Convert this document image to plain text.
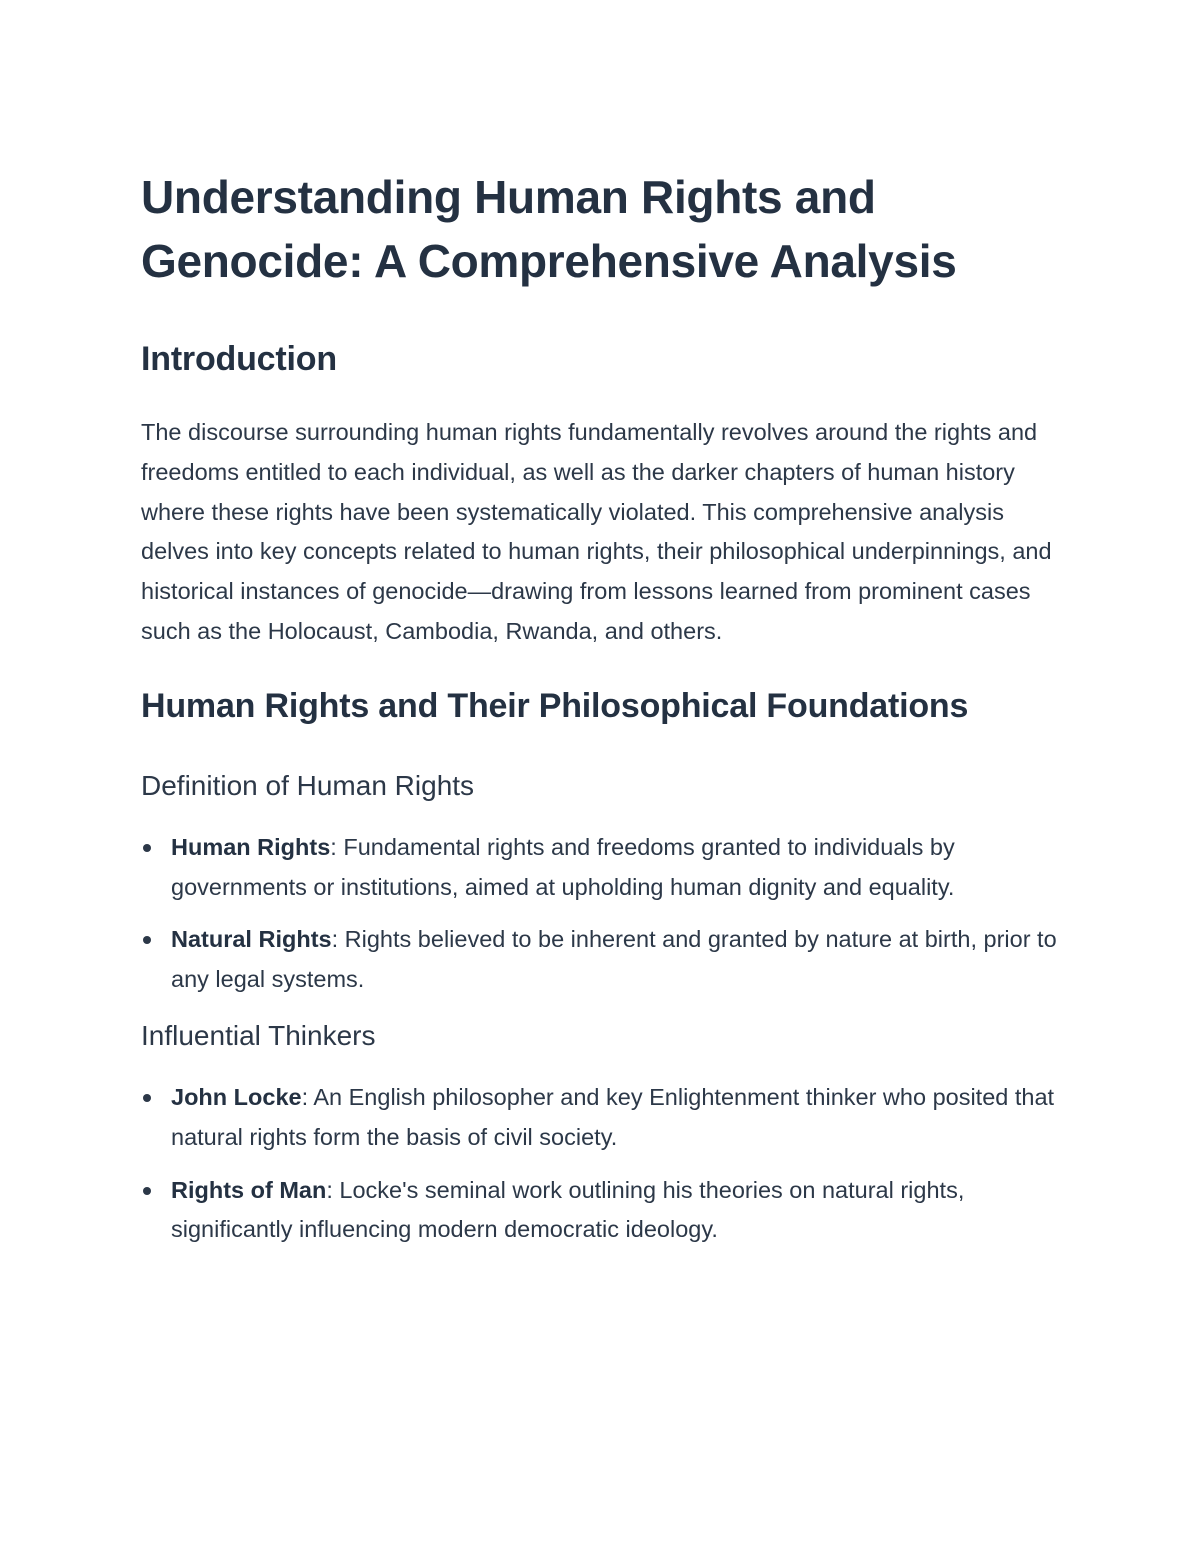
Understanding Human Rights and Genocide: A Comprehensive Analysis
Introduction

The discourse surrounding human rights fundamentally revolves around the rights and freedoms entitled to each individual, as well as the darker chapters of human history where these rights have been systematically violated. This comprehensive analysis delves into key concepts related to human rights, their philosophical underpinnings, and historical instances of genocide—drawing from lessons learned from prominent cases such as the Holocaust, Cambodia, Rwanda, and others.

Human Rights and Their Philosophical Foundations
Definition of Human Rights
Human Rights: Fundamental rights and freedoms granted to individuals by governments or institutions, aimed at upholding human dignity and equality.
Natural Rights: Rights believed to be inherent and granted by nature at birth, prior to any legal systems.
Influential Thinkers
John Locke: An English philosopher and key Enlightenment thinker who posited that natural rights form the basis of civil society.
Rights of Man: Locke's seminal work outlining his theories on natural rights, significantly influencing modern democratic ideology.
